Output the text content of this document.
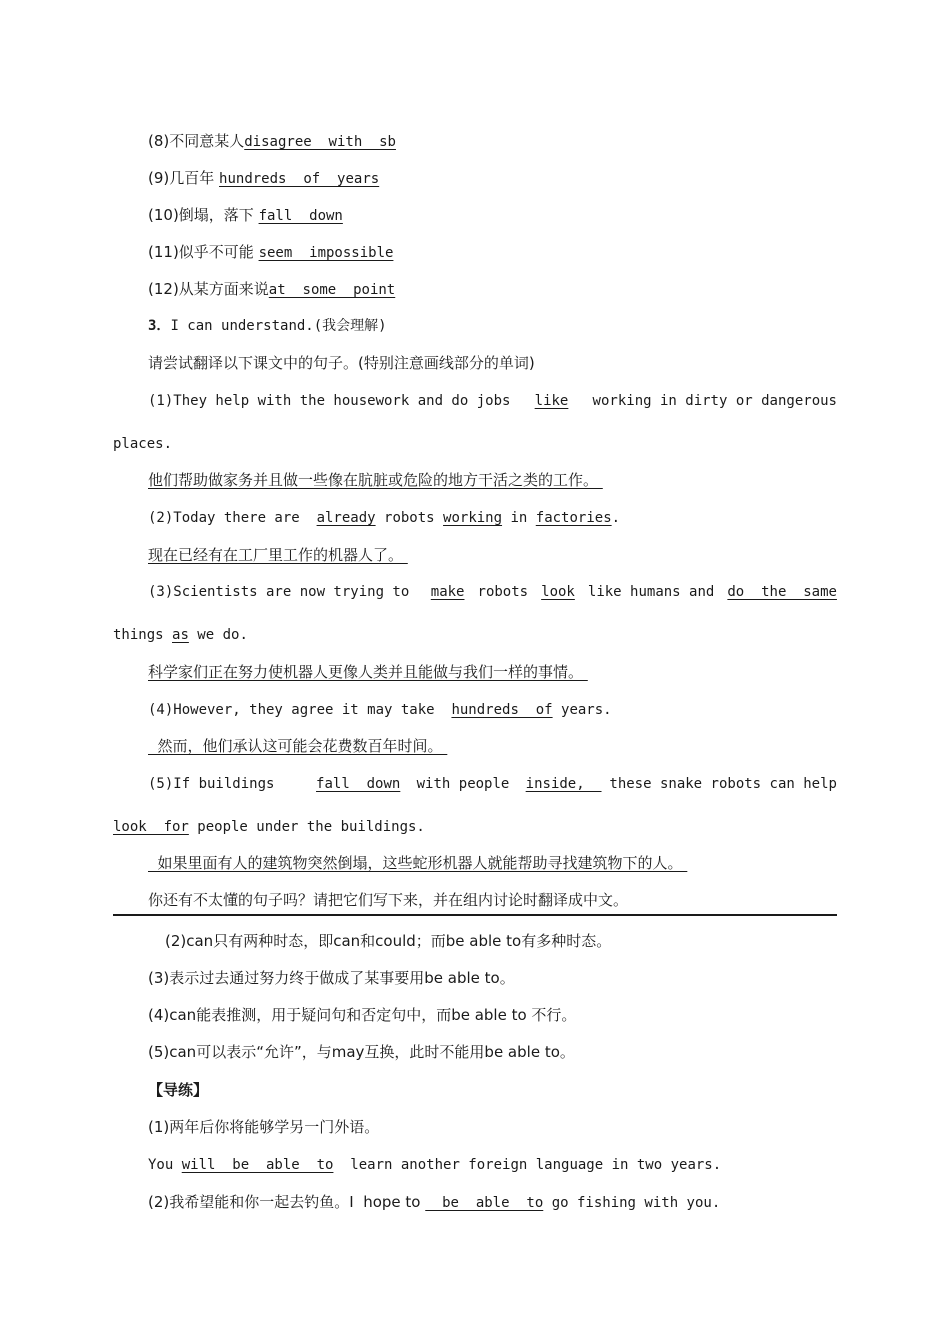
(8)不同意某人disagree  with  sb
(9)几百年 hundreds  of  years
(10)倒塌，落下 fall  down
(11)似乎不可能 seem  impossible
(12)从某方面来说at  some  point
3．I can understand.(我会理解)
请尝试翻译以下课文中的句子。(特别注意画线部分的单词)
(1)They help with the housework and do jobs like working in dirty or dangerous
places.
他们帮助做家务并且做一些像在肮脏或危险的地方干活之类的工作。
(2)Today there are  already robots working in factories.
现在已经有在工厂里工作的机器人了。
(3)Scientists are now trying to make robots look like humans and do  the  same
things as we do.
科学家们正在努力使机器人更像人类并且能做与我们一样的事情。
(4)However, they agree it may take  hundreds  of years.
然而，他们承认这可能会花费数百年时间。
(5)If buildings fall  down with people inside, these snake robots can help
look  for people under the buildings.
如果里面有人的建筑物突然倒塌，这些蛇形机器人就能帮助寻找建筑物下的人。
你还有不太懂的句子吗？请把它们写下来，并在组内讨论时翻译成中文。
(2)can只有两种时态，即can和could；而be able to有多种时态。
(3)表示过去通过努力终于做成了某事要用be able to。
(4)can能表推测，用于疑问句和否定句中，而be able to 不行。
(5)can可以表示“允许”，与may互换，此时不能用be able to。
【导练】
(1)两年后你将能够学另一门外语。
You will  be  able  to  learn another foreign language in two years.
(2)我希望能和你一起去钓鱼。I  hope to   be  able  to go fishing with you.
